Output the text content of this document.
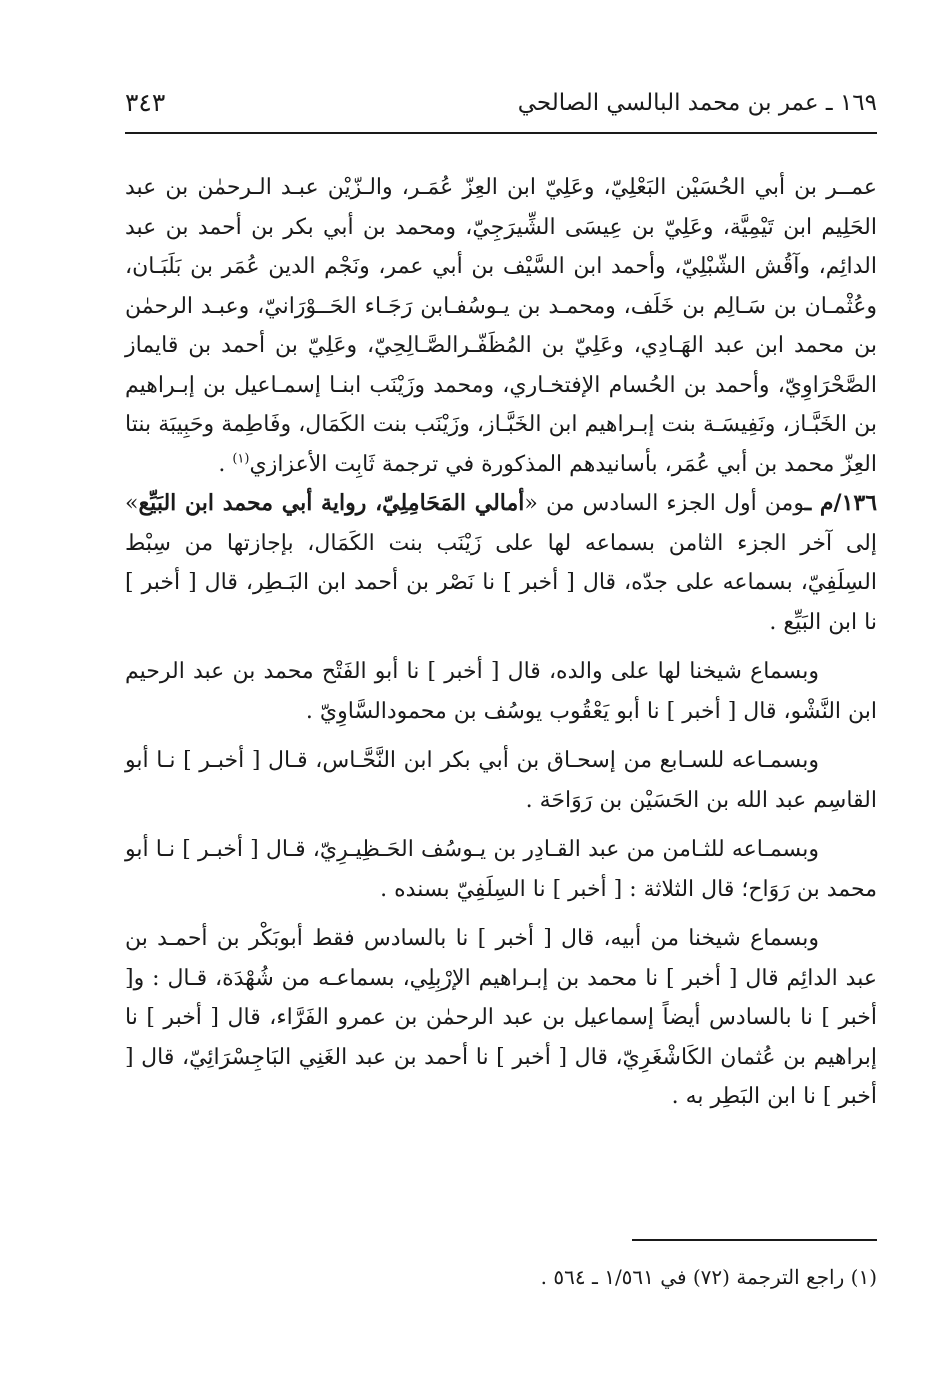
١٦٩ ـ عمر بن محمد البالسي الصالحي
٣٤٣

عمــر بن أبي الحُسَيْن البَعْلِيّ، وعَلِيّ ابن العِزّ عُمَـر، والـزّيْن عبـد الـرحمٰن بن عبد الحَلِيم ابن تَيْمِيَّة، وعَلِيّ بن عِيسَى الشِّيرَجِيّ، ومحمد بن أبي بكر بن أحمد بن عبد الدائِم، وآقُش الشّبْلِيّ، وأحمد ابن السَّيْف بن أبي عمر، ونَجْم الدين عُمَر بن بَلَبَـان، وعُثْمـان بن سَـالِم بن خَلَف، ومحمـد بن يـوسُفـابن رَجَـاء الحَــوْرَانيّ، وعبـد الرحمٰن بن محمد ابن عبد الهَـادِي، وعَلِيّ بن المُظَفّـرالصَّـالِحِيّ، وعَلِيّ بن أحمد بن قايماز الصَّحْرَاوِيّ، وأحمد بن الحُسام الإفتخـاري، ومحمد وزَيْنَب ابنـا إسمـاعيل بن إبـراهيم بن الخَبَّـاز، ونَفِيسَـة بنت إبـراهيم ابن الخَبَّـاز، وزَيْنَب بنت الكَمَال، وفَاطِمة وحَبِيبَة بنتا العِزّ محمد بن أبي عُمَر، بأسانيدهم المذكورة في ترجمة ثَابِت الأعزازي$^{(١)}$ .

١٣٦/م ـومن أول الجزء السادس من «أمالي المَحَامِلِيّ، رواية أبي محمد ابن البَيِّع» إلى آخر الجزء الثامن بسماعه لها على زَيْنَب بنت الكَمَال، بإجازتها من سِبْط السِلَفِيّ، بسماعه على جدّه، قال [ أخبر ] نا نَصْر بن أحمد ابن البَـطِر، قال [ أخبر ] نا ابن البَيِّع .

وبسماع شيخنا لها على والده، قال [ أخبر ] نا أبو الفَتْح محمد بن عبد الرحيم ابن النَّشْو، قال [ أخبر ] نا أبو يَعْقُوب يوسُف بن محمودالسَّاوِيّ .

وبسمـاعه للسـابع من إسحـاق بن أبي بكر ابن النَّحَّـاس، قـال [ أخبـر ] نـا أبو القاسِم عبد الله بن الحَسَيْن بن رَوَاحَة .

وبسمـاعه للثـامن من عبد القـادِر بن يـوسُف الحَـظِيـرِيّ، قـال [ أخبـر ] نـا أبو محمد بن رَوَاح؛ قال الثلاثة : [ أخبر ] نا السِلَفِيّ بسنده .

وبسماع شيخنا من أبيه، قال [ أخبر ] نا بالسادس فقط أبوبَكْر بن أحمـد بن عبد الدائِم قال [ أخبر ] نا محمد بن إبـراهيم الإرْبِلِي، بسماعـه من شُهْدَة، قـال : و[ أخبر ] نا بالسادس أيضاً إسماعيل بن عبد الرحمٰن بن عمرو الفَرَّاء، قال [ أخبر ] نا إبراهيم بن عُثمان الكَاشْغَرِيّ، قال [ أخبر ] نا أحمد بن عبد الغَنِي البَاجِسْرَائِيّ، قال [ أخبر ] نا ابن البَطِر به .

(١) راجع الترجمة (٧٢) في ١/٥٦١ ـ ٥٦٤ .
